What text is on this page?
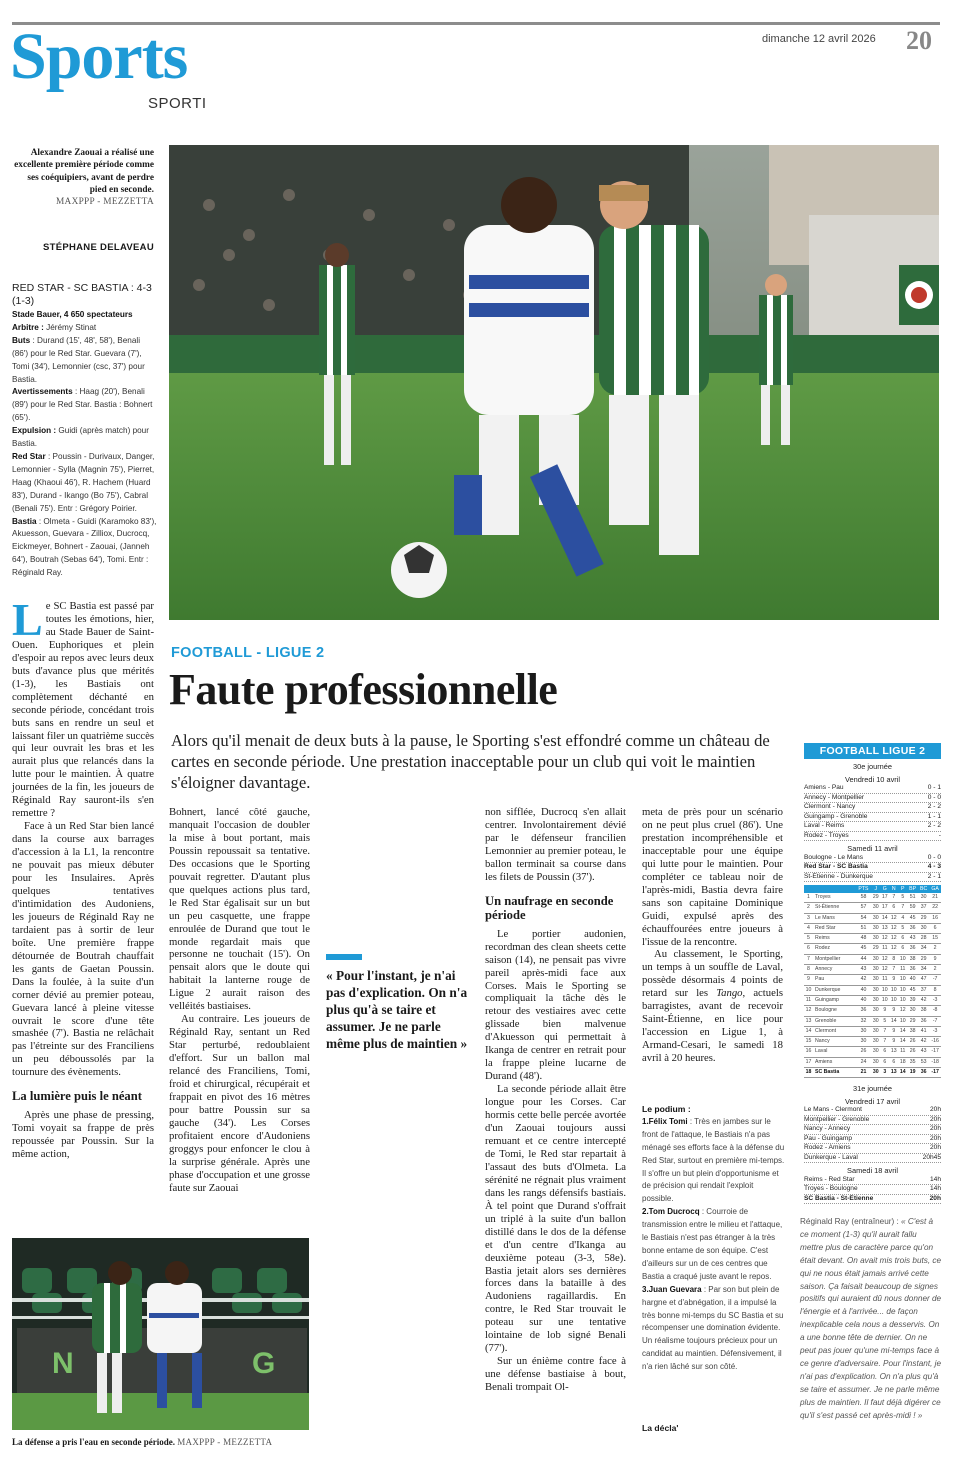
Sports
SPORTI
dimanche 12 avril 2026 20
Alexandre Zaouai a réalisé une excellente première période comme ses coéquipiers, avant de perdre pied en seconde.
MAXPPP - MEZZETTA
STÉPHANE DELAVEAU
RED STAR - SC BASTIA : 4-3 (1-3)
Stade Bauer, 4 650 spectateurs
Arbitre : Jérémy Stinat
Buts : Durand (15', 48', 58'), Benali (86') pour le Red Star. Guevara (7'), Tomi (34'), Lemonnier (csc, 37') pour Bastia.
Avertissements : Haag (20'), Benali (89') pour le Red Star. Bastia : Bohnert (65').
Expulsion : Guidi (après match) pour Bastia.
Red Star : Poussin - Durivaux, Danger, Lemonnier - Sylla (Magnin 75'), Pierret, Haag (Khaoui 46'), R. Hachem (Huard 83'), Durand - Ikango (Bo 75'), Cabral (Benali 75'). Entr : Grégory Poirier.
Bastia : Olmeta - Guidi (Karamoko 83'), Akuesson, Guevara - Zilliox, Ducrocq, Eickmeyer, Bohnert - Zaouai, (Janneh 64'), Boutrah (Sebas 64'), Tomi. Entr : Réginald Ray.
FOOTBALL - LIGUE 2
Faute professionnelle
Alors qu'il menait de deux buts à la pause, le Sporting s'est effondré comme un château de cartes en seconde période. Une prestation inacceptable pour un club qui voit le maintien s'éloigner davantage.

Le SC Bastia est passé par toutes les émotions, hier, au Stade Bauer de Saint-Ouen. Euphoriques et plein d'espoir au repos avec leurs deux buts d'avance plus que mérités (1-3), les Bastiais ont complètement déchanté en seconde période, concédant trois buts sans en rendre un seul et laissant filer un quatrième succès qui leur ouvrait les bras et les aurait plus que relancés dans la lutte pour le maintien. À quatre journées de la fin, les joueurs de Réginald Ray sauront-ils s'en remettre ?

Face à un Red Star bien lancé dans la course aux barrages d'accession à la L1, la rencontre ne pouvait pas mieux débuter pour les Insulaires. Après quelques tentatives d'intimidation des Audoniens, les joueurs de Réginald Ray ne tardaient pas à sortir de leur boîte. Une première frappe détournée de Boutrah chauffait les gants de Gaetan Poussin. Dans la foulée, à la suite d'un corner dévié au premier poteau, Guevara lancé à pleine vitesse ouvrait le score d'une tête smashée (7'). Bastia ne relâchait pas l'étreinte sur des Franciliens un peu déboussolés par la tournure des évènements.

La lumière puis le néant

Après une phase de pressing, Tomi voyait sa frappe de près repoussée par Poussin. Sur la même action,

Bohnert, lancé côté gauche, manquait l'occasion de doubler la mise à bout portant, mais Poussin repoussait sa tentative. Des occasions que le Sporting pouvait regretter. D'autant plus que quelques actions plus tard, le Red Star égalisait sur un but un peu casquette, une frappe enroulée de Durand que tout le monde regardait mais que personne ne touchait (15'). On pensait alors que le doute qui habitait la lanterne rouge de Ligue 2 aurait raison des velléités bastiaises.

Au contraire. Les joueurs de Réginald Ray, sentant un Red Star perturbé, redoublaient d'effort. Sur un ballon mal relancé des Franciliens, Tomi, froid et chirurgical, récupérait et frappait en pivot des 16 mètres pour battre Poussin sur sa gauche (34'). Les Corses profitaient encore d'Audoniens groggys pour enfoncer le clou à la surprise générale. Après une phase d'occupation et une grosse faute sur Zaouai

« Pour l'instant, je n'ai pas d'explication. On n'a plus qu'à se taire et assumer. Je ne parle même plus de maintien »

non sifflée, Ducrocq s'en allait centrer. Involontairement dévié par le défenseur francilien Lemonnier au premier poteau, le ballon terminait sa course dans les filets de Poussin (37').

Un naufrage en seconde période

Le portier audonien, recordman des clean sheets cette saison (14), ne pensait pas vivre pareil après-midi face aux Corses. Mais le Sporting se compliquait la tâche dès le retour des vestiaires avec cette glissade bien malvenue d'Akuesson qui permettait à Ikanga de centrer en retrait pour la frappe pleine lucarne de Durand (48').

La seconde période allait être longue pour les Corses. Car hormis cette belle percée avortée d'un Zaouai toujours aussi remuant et ce centre intercepté de Tomi, le Red star repartait à l'assaut des buts d'Olmeta. La sérénité ne régnait plus vraiment dans les rangs défensifs bastiais. À tel point que Durand s'offrait un triplé à la suite d'un ballon distillé dans le dos de la défense et d'un centre d'Ikanga au deuxième poteau (3-3, 58e). Bastia jetait alors ses dernières forces dans la bataille à des Audoniens ragaillardis. En contre, le Red Star trouvait le poteau sur une tentative lointaine de lob signé Benali (77').

Sur un énième contre face à une défense bastiaise à bout, Benali trompait Ol-

meta de près pour un scénario on ne peut plus cruel (86'). Une prestation incompréhensible et inacceptable pour une équipe qui lutte pour le maintien. Pour compléter ce tableau noir de l'après-midi, Bastia devra faire sans son capitaine Dominique Guidi, expulsé après des échauffourées entre joueurs à l'issue de la rencontre.

Au classement, le Sporting, un temps à un souffle de Laval, possède désormais 4 points de retard sur les Tango, actuels barragistes, avant de recevoir Saint-Étienne, en lice pour l'accession en Ligue 1, à Armand-Cesari, le samedi 18 avril à 20 heures.

Le podium :
1.Félix Tomi : Très en jambes sur le front de l'attaque, le Bastiais n'a pas ménagé ses efforts face à la défense du Red Star, surtout en première mi-temps. Il s'offre un but plein d'opportunisme et de précision qui rendait l'exploit possible.
2.Tom Ducrocq : Courroie de transmission entre le milieu et l'attaque, le Bastiais n'est pas étranger à la très bonne entame de son équipe. C'est d'ailleurs sur un de ces centres que Bastia a craqué juste avant le repos.
3.Juan Guevara : Par son but plein de hargne et d'abnégation, il a impulsé la très bonne mi-temps du SC Bastia et su récompenser une domination évidente. Un réalisme toujours précieux pour un candidat au maintien. Défensivement, il n'a rien lâché sur son côté.
La décla'
N	G
La défense a pris l'eau en seconde période. MAXPPP - MEZZETTA
FOOTBALL LIGUE 2
30e journée
Vendredi 10 avril
Amiens - Pau	0 - 1
Annecy - Montpellier	0 - 0
Clermont - Nancy	2 - 2
Guingamp - Grenoble	1 - 1
Laval - Reims	2 - 2
Rodez - Troyes	-
Samedi 11 avril
Boulogne - Le Mans	0 - 0
Red Star - SC Bastia	4 - 3
St-Etienne - Dunkerque	2 - 1
		PTS	J	G	N	P	BP	BC	GA
1	Troyes	58	29	17	7	5	51	30	21
2	St-Étienne	57	30	17	6	7	59	37	22
3	Le Mans	54	30	14	12	4	45	29	16
4	Red Star	51	30	13	12	5	36	30	6
5	Reims	48	30	12	12	6	43	28	15
6	Rodez	45	29	11	12	6	36	34	2
7	Montpellier	44	30	12	8	10	38	29	9
8	Annecy	43	30	12	7	11	36	34	2
9	Pau	42	30	11	9	10	40	47	-7
10	Dunkerque	40	30	10	10	10	45	37	8
11	Guingamp	40	30	10	10	10	39	42	-3
12	Boulogne	36	30	9	9	12	30	38	-8
13	Grenoble	32	30	5	14	10	29	36	-7
14	Clermont	30	30	7	9	14	38	41	-3
15	Nancy	30	30	7	9	14	26	42	-16
16	Laval	26	30	6	13	11	26	43	-17
17	Amiens	24	30	6	6	18	35	53	-18
18	SC Bastia	21	30	3	13	14	19	36	-17
31e journée
Vendredi 17 avril
Le Mans - Clermont	20h
Montpellier - Grenoble	20h
Nancy - Annecy	20h
Pau - Guingamp	20h
Rodez - Amiens	20h
Dunkerque - Laval	20h45
Samedi 18 avril
Reims - Red Star	14h
Troyes - Boulogne	14h
SC Bastia - St-Étienne	20h
Réginald Ray (entraîneur) : « C'est à ce moment (1-3) qu'il aurait fallu mettre plus de caractère parce qu'on était devant. On avait mis trois buts, ce qui ne nous était jamais arrivé cette saison. Ça faisait beaucoup de signes positifs qui auraient dû nous donner de l'énergie et à l'arrivée... de façon inexplicable cela nous a desservis. On a une bonne tête de dernier. On ne peut pas jouer qu'une mi-temps face à ce genre d'adversaire. Pour l'instant, je n'ai pas d'explication. On n'a plus qu'à se taire et assumer. Je ne parle même plus de maintien. Il faut déjà digérer ce qu'il s'est passé cet après-midi ! »
